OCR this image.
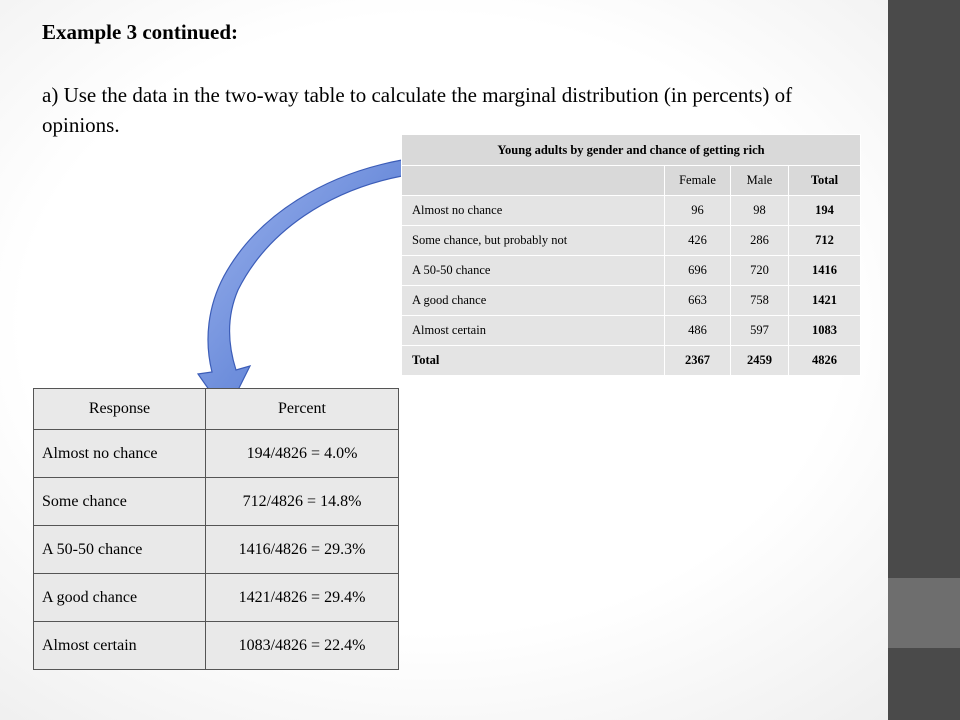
Example 3 continued:
a) Use the data in the two-way table to calculate the marginal distribution (in percents) of opinions.
Young adults by gender and chance of getting rich			
	Female	Male	Total
Almost no chance	96	98	194
Some chance, but probably not	426	286	712
A 50-50 chance	696	720	1416
A good chance	663	758	1421
Almost certain	486	597	1083
Total	2367	2459	4826
Response	Percent
Almost no chance	194/4826 = 4.0%
Some chance	712/4826 = 14.8%
A 50-50 chance	1416/4826 = 29.3%
A good chance	1421/4826 = 29.4%
Almost certain	1083/4826 = 22.4%
